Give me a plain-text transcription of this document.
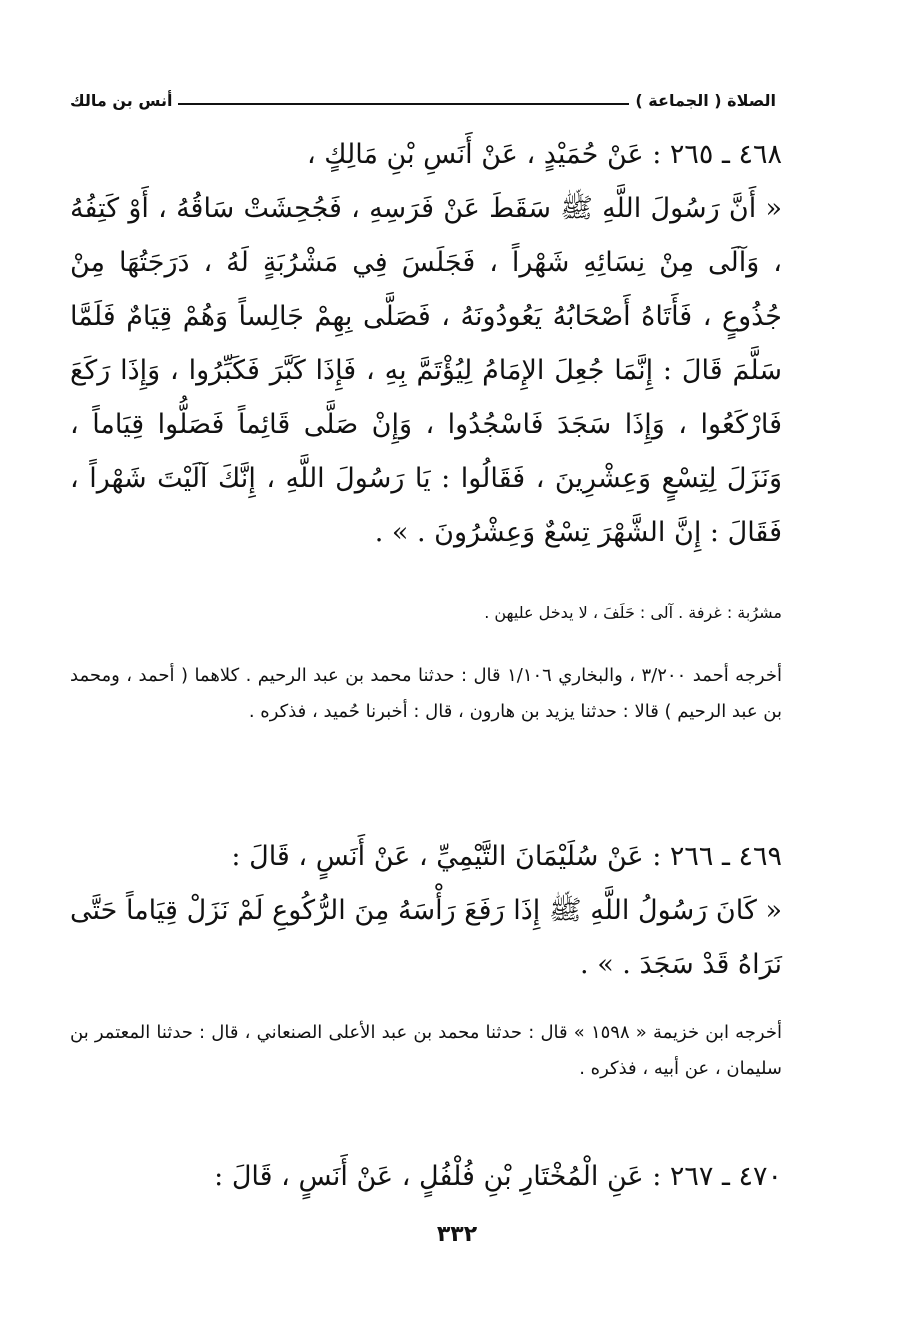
الصلاة ( الجماعة )
أنس بن مالك
٤٦٨ ـ ٢٦٥ : عَنْ حُمَيْدٍ ، عَنْ أَنَسِ بْنِ مَالِكٍ ،
« أَنَّ رَسُولَ اللَّهِ ﷺ سَقَطَ عَنْ فَرَسِهِ ، فَجُحِشَتْ سَاقُهُ ، أَوْ كَتِفُهُ ، وَآلَى مِنْ نِسَائِهِ شَهْراً ، فَجَلَسَ فِي مَشْرُبَةٍ لَهُ ، دَرَجَتُهَا مِنْ جُذُوعٍ ، فَأَتَاهُ أَصْحَابُهُ يَعُودُونَهُ ، فَصَلَّى بِهِمْ جَالِساً وَهُمْ قِيَامٌ فَلَمَّا سَلَّمَ قَالَ : إِنَّمَا جُعِلَ الإِمَامُ لِيُؤْتَمَّ بِهِ ، فَإِذَا كَبَّرَ فَكَبِّرُوا ، وَإِذَا رَكَعَ فَارْكَعُوا ، وَإِذَا سَجَدَ فَاسْجُدُوا ، وَإِنْ صَلَّى قَائِماً فَصَلُّوا قِيَاماً ، وَنَزَلَ لِتِسْعٍ وَعِشْرِينَ ، فَقَالُوا : يَا رَسُولَ اللَّهِ ، إِنَّكَ آلَيْتَ شَهْراً ، فَقَالَ : إِنَّ الشَّهْرَ تِسْعٌ وَعِشْرُونَ . » .
مشرُبة : غرفة . آلى : حَلَفَ ، لا يدخل عليهن .
أخرجه أحمد ٣/٢٠٠ ، والبخاري ١/١٠٦ قال : حدثنا محمد بن عبد الرحيم . كلاهما ( أحمد ، ومحمد بن عبد الرحيم ) قالا : حدثنا يزيد بن هارون ، قال : أخبرنا حُميد ، فذكره .
٤٦٩ ـ ٢٦٦ : عَنْ سُلَيْمَانَ التَّيْمِيِّ ، عَنْ أَنَسٍ ، قَالَ :
« كَانَ رَسُولُ اللَّهِ ﷺ إِذَا رَفَعَ رَأْسَهُ مِنَ الرُّكُوعِ لَمْ نَزَلْ قِيَاماً حَتَّى نَرَاهُ قَدْ سَجَدَ . » .
أخرجه ابن خزيمة « ١٥٩٨ » قال : حدثنا محمد بن عبد الأعلى الصنعاني ، قال : حدثنا المعتمر بن سليمان ، عن أبيه ، فذكره .
٤٧٠ ـ ٢٦٧ : عَنِ الْمُخْتَارِ بْنِ فُلْفُلٍ ، عَنْ أَنَسٍ ، قَالَ :
٣٣٢
